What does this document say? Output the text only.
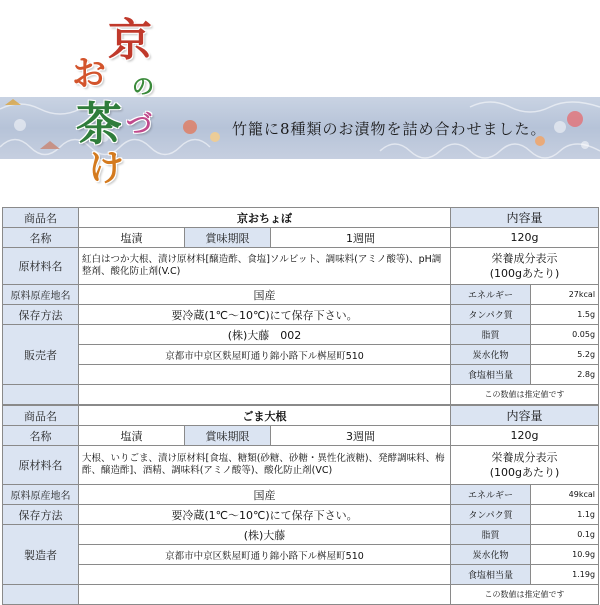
京
お の
茶 づ
け
竹籠に8種類のお漬物を詰め合わせました。
商品名	京おちょぼ			内容量	
名称	塩漬	賞味期限	1週間	120g	
原材料名	紅白はつか大根、漬け原材料[醸造酢、食塩]ソルビット、調味料(アミノ酸等)、pH調整剤、酸化防止剤(V.C)			栄養成分表示
(100gあたり)	

原料原産地名	国産			エネルギー	27kcal
保存方法	要冷蔵(1℃〜10℃)にて保存下さい。			タンパク質	1.5g
販売者	(株)大藤　002			脂質	0.05g
	京都市中京区麩屋町通り錦小路下ル桝屋町510			炭水化物	5.2g
				食塩相当量	2.8g
				この数値は推定値です	
商品名	ごま大根			内容量	
名称	塩漬	賞味期限	3週間	120g	
原材料名	大根、いりごま、漬け原材料[食塩、糖類(砂糖、砂糖・異性化液糖)、発酵調味料、梅酢、醸造酢]、酒精、調味料(アミノ酸等)、酸化防止剤(VC)			栄養成分表示
(100gあたり)	

原料原産地名	国産			エネルギー	49kcal
保存方法	要冷蔵(1℃〜10℃)にて保存下さい。			タンパク質	1.1g
製造者	(株)大藤			脂質	0.1g
	京都市中京区麩屋町通り錦小路下ル桝屋町510			炭水化物	10.9g
				食塩相当量	1.19g
				この数値は推定値です	
